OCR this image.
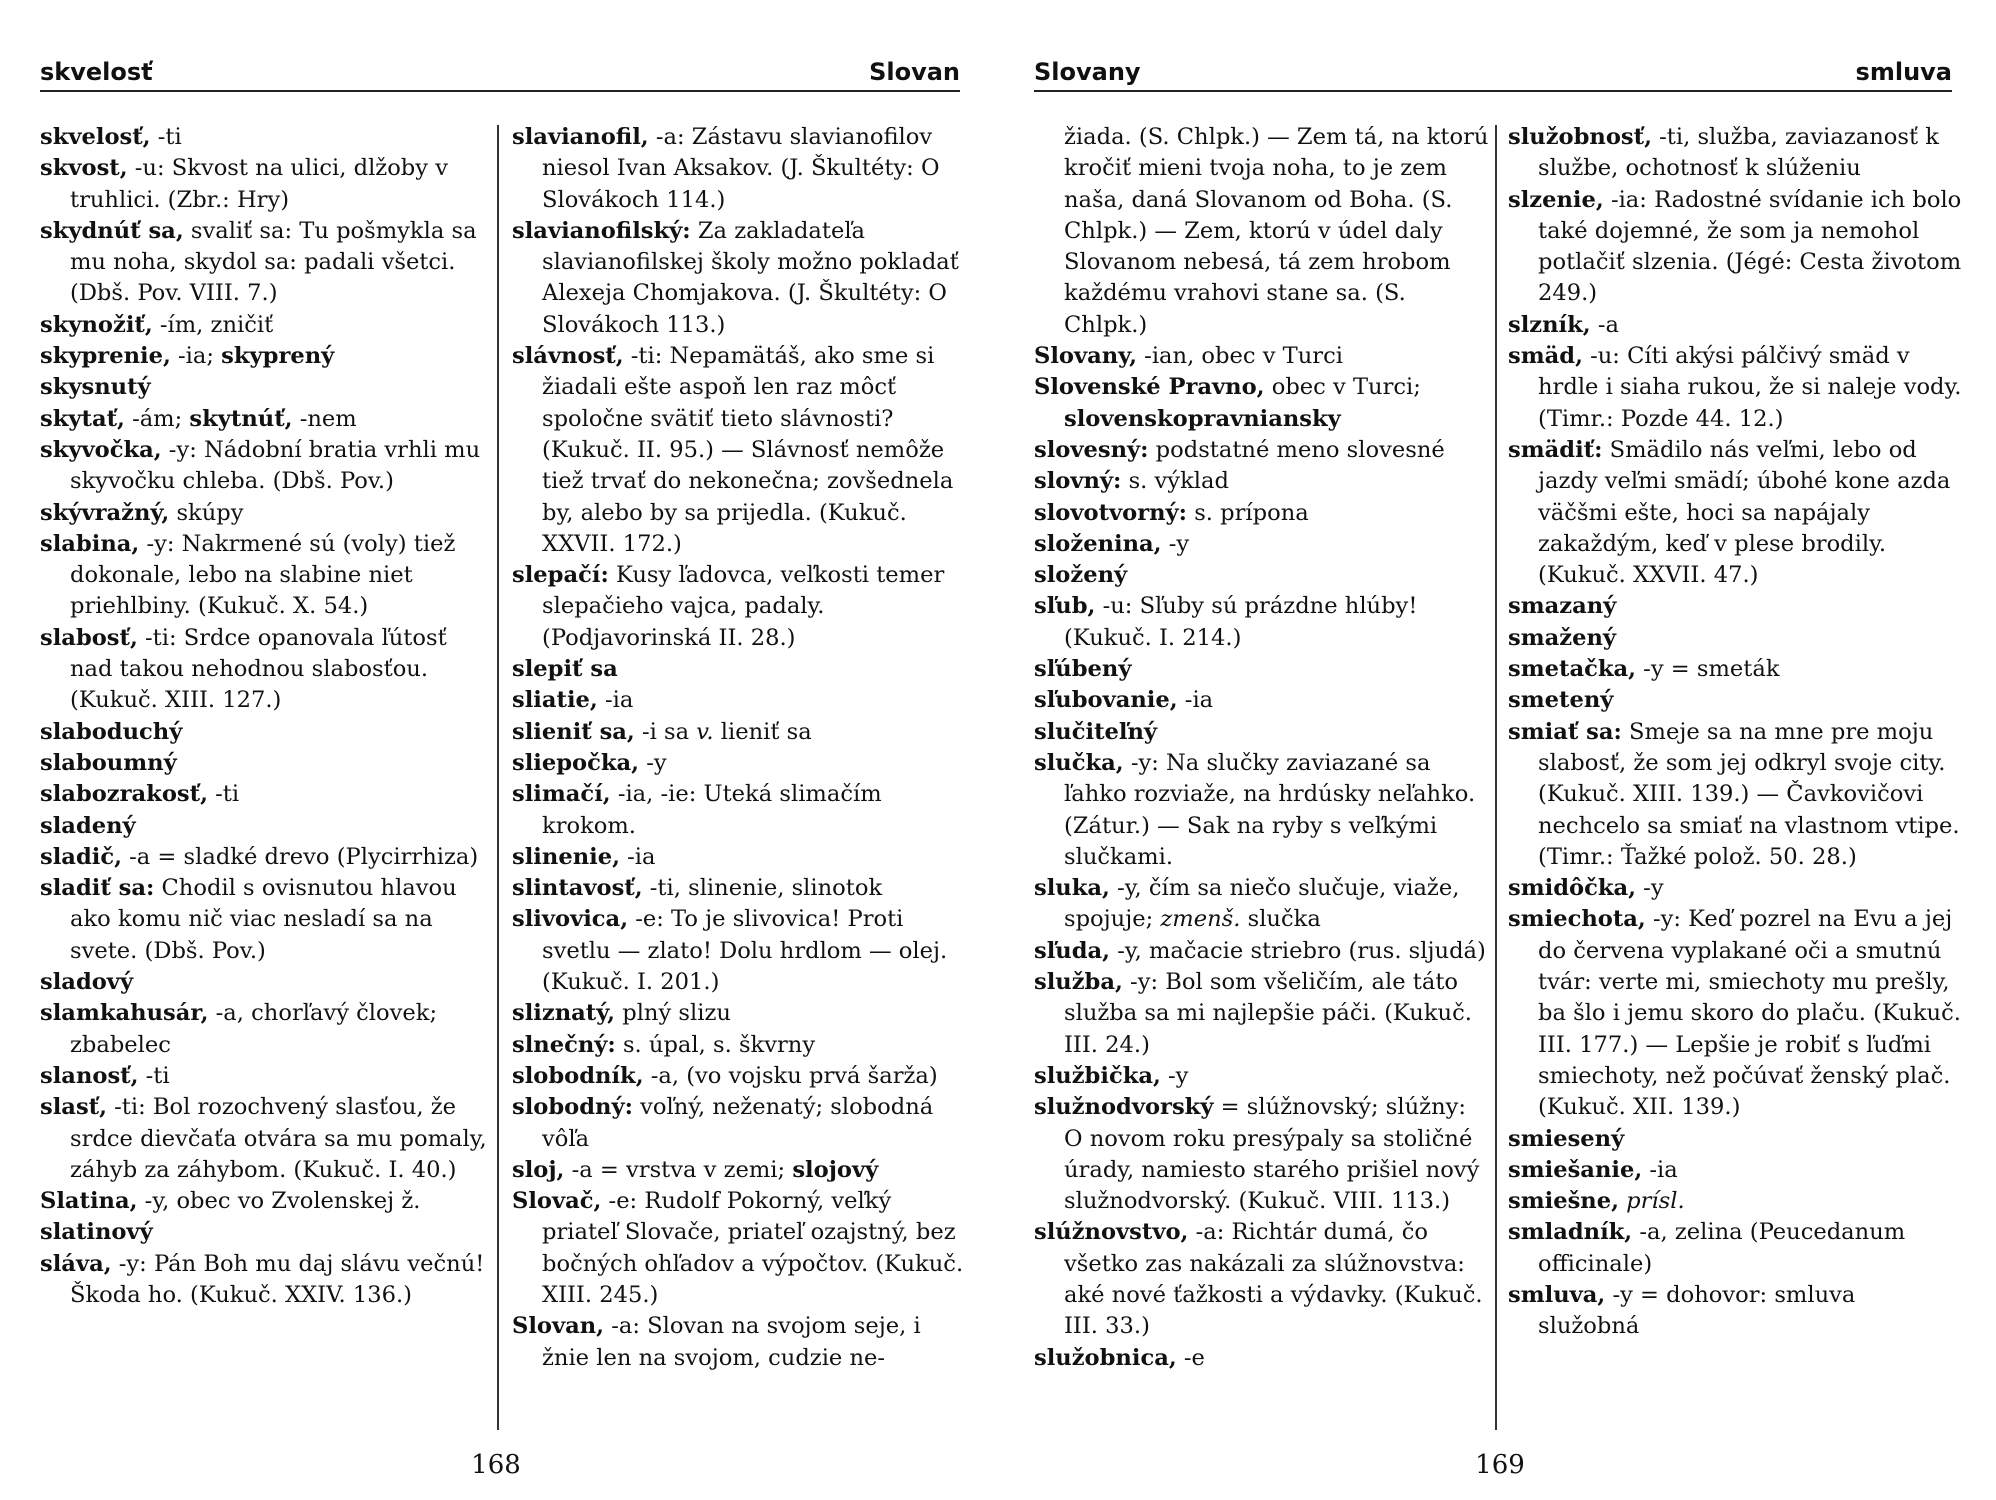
skvelosť	Slovan

skvelosť, -ti

skvost, -u: Skvost na ulici, dlžoby v truhlici. (Zbr.: Hry)

skydnúť sa, svaliť sa: Tu pošmykla sa mu noha, skydol sa: padali všetci. (Dbš. Pov. VIII. 7.)

skynožiť, -ím, zničiť

skyprenie, -ia; skyprený

skysnutý

skytať, -ám; skytnúť, -nem

skyvočka, -y: Nádobní bratia vrhli mu skyvočku chleba. (Dbš. Pov.)

skývražný, skúpy

slabina, -y: Nakrmené sú (voly) tiež dokonale, lebo na slabine niet priehlbiny. (Kukuč. X. 54.)

slabosť, -ti: Srdce opanovala ľútosť nad takou nehodnou slabosťou. (Kukuč. XIII. 127.)

slaboduchý

slaboumný

slabozrakosť, -ti

sladený

sladič, -a = sladké drevo (Plycirrhiza)

sladiť sa: Chodil s ovisnutou hlavou ako komu nič viac nesladí sa na svete. (Dbš. Pov.)

sladový

slamkahusár, -a, chorľavý človek; zbabelec

slanosť, -ti

slasť, -ti: Bol rozochvený slasťou, že srdce dievčaťa otvára sa mu pomaly, záhyb za záhybom. (Kukuč. I. 40.)

Slatina, -y, obec vo Zvolenskej ž.

slatinový

sláva, -y: Pán Boh mu daj slávu večnú! Škoda ho. (Kukuč. XXIV. 136.)

slavianofil, -a: Zástavu slavianofilov niesol Ivan Aksakov. (J. Škultéty: O Slovákoch 114.)

slavianofilský: Za zakladateľa slavianofilskej školy možno pokladať Alexeja Chomjakova. (J. Škultéty: O Slovákoch 113.)

slávnosť, -ti: Nepamätáš, ako sme si žiadali ešte aspoň len raz môcť spoločne svätiť tieto slávnosti? (Kukuč. II. 95.) — Slávnosť nemôže tiež trvať do nekonečna; zovšednela by, alebo by sa prijedla. (Kukuč. XXVII. 172.)

slepačí: Kusy ľadovca, veľkosti temer slepačieho vajca, padaly. (Podjavorinská II. 28.)

slepiť sa

sliatie, -ia

slieniť sa, -i sa v. lieniť sa

sliepočka, -y

slimačí, -ia, -ie: Uteká slimačím krokom.

slinenie, -ia

slintavosť, -ti, slinenie, slinotok

slivovica, -e: To je slivovica! Proti svetlu — zlato! Dolu hrdlom — olej. (Kukuč. I. 201.)

sliznatý, plný slizu

slnečný: s. úpal, s. škvrny

slobodník, -a, (vo vojsku prvá šarža)

slobodný: voľný, neženatý; slobodná vôľa

sloj, -a = vrstva v zemi; slojový

Slovač, -e: Rudolf Pokorný, veľký priateľ Slovače, priateľ ozajstný, bez bočných ohľadov a výpočtov. (Kukuč. XIII. 245.)

Slovan, -a: Slovan na svojom seje, i žnie len na svojom, cudzie ne-

168
Slovany	smluva

žiada. (S. Chlpk.) — Zem tá, na ktorú kročiť mieni tvoja noha, to je zem naša, daná Slovanom od Boha. (S. Chlpk.) — Zem, ktorú v údel daly Slovanom nebesá, tá zem hrobom každému vrahovi stane sa. (S. Chlpk.)

Slovany, -ian, obec v Turci

Slovenské Pravno, obec v Turci; slovenskopravniansky

slovesný: podstatné meno slovesné

slovný: s. výklad

slovotvorný: s. prípona

složenina, -y

složený

sľub, -u: Sľuby sú prázdne hlúby! (Kukuč. I. 214.)

sľúbený

sľubovanie, -ia

slučiteľný

slučka, -y: Na slučky zaviazané sa ľahko rozviaže, na hrdúsky neľahko. (Zátur.) — Sak na ryby s veľkými slučkami.

sluka, -y, čím sa niečo slučuje, viaže, spojuje; zmenš. slučka

sľuda, -y, mačacie striebro (rus. sljudá)

služba, -y: Bol som všeličím, ale táto služba sa mi najlepšie páči. (Kukuč. III. 24.)

službička, -y

služnodvorský = slúžnovský; slúžny: O novom roku presýpaly sa stoličné úrady, namiesto starého prišiel nový služnodvorský. (Kukuč. VIII. 113.)

slúžnovstvo, -a: Richtár dumá, čo všetko zas nakázali za slúžnovstva: aké nové ťažkosti a výdavky. (Kukuč. III. 33.)

služobnica, -e

služobnosť, -ti, služba, zaviazanosť k službe, ochotnosť k slúženiu

slzenie, -ia: Radostné svídanie ich bolo také dojemné, že som ja nemohol potlačiť slzenia. (Jégé: Cesta životom 249.)

slzník, -a

smäd, -u: Cíti akýsi pálčivý smäd v hrdle i siaha rukou, že si naleje vody. (Timr.: Pozde 44. 12.)

smädiť: Smädilo nás veľmi, lebo od jazdy veľmi smädí; úbohé kone azda väčšmi ešte, hoci sa napájaly zakaždým, keď v plese brodily. (Kukuč. XXVII. 47.)

smazaný

smažený

smetačka, -y = smeták

smetený

smiať sa: Smeje sa na mne pre moju slabosť, že som jej odkryl svoje city. (Kukuč. XIII. 139.) — Čavkovičovi nechcelo sa smiať na vlastnom vtipe. (Timr.: Ťažké polož. 50. 28.)

smidôčka, -y

smiechota, -y: Keď pozrel na Evu a jej do červena vyplakané oči a smutnú tvár: verte mi, smiechoty mu prešly, ba šlo i jemu skoro do plaču. (Kukuč. III. 177.) — Lepšie je robiť s ľuďmi smiechoty, než počúvať ženský plač. (Kukuč. XII. 139.)

smiesený

smiešanie, -ia

smiešne, prísl.

smladník, -a, zelina (Peucedanum officinale)

smluva, -y = dohovor: smluva služobná

169
